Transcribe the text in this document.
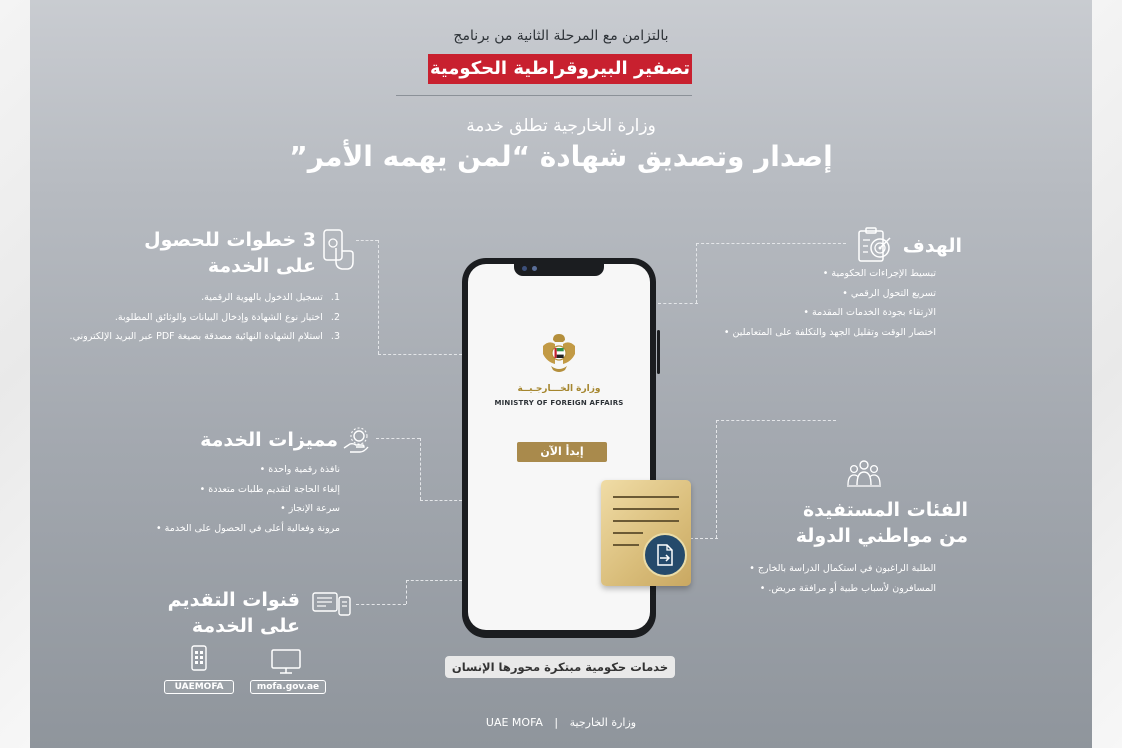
بالتزامن مع المرحلة الثانية من برنامج
تصفير البيروقراطية الحكومية
وزارة الخارجية تطلق خدمة
إصدار وتصديق شهادة “لمن يهمه الأمر”
الهدف
تبسيط الإجراءات الحكومية •
تسريع التحول الرقمي •
الارتقاء بجودة الخدمات المقدمة •
اختصار الوقت وتقليل الجهد والتكلفة على المتعاملين •
3 خطوات للحصول
على الخدمة
1.
تسجيل الدخول بالهوية الرقمية.
2.
اختيار نوع الشهادة وإدخال البيانات والوثائق المطلوبة.
3.
استلام الشهادة النهائية مصدقة بصيغة PDF عبر البريد الإلكتروني.
مميزات الخدمة
نافذة رقمية واحدة •
إلغاء الحاجة لتقديم طلبات متعددة •
سرعة الإنجاز •
مرونة وفعالية أعلى في الحصول على الخدمة •
الفئات المستفيدة
من مواطني الدولة
الطلبة الراغبون في استكمال الدراسة بالخارج •
المسافرون لأسباب طبية أو مرافقة مريض. •
قنوات التقديم
على الخدمة
UAEMOFA	mofa.gov.ae
وزارة الخـــارجـيــة
MINISTRY OF FOREIGN AFFAIRS
إبدأ الآن
خدمات حكومية مبتكرة محورها الإنسان
UAE MOFA | وزارة الخارجية
